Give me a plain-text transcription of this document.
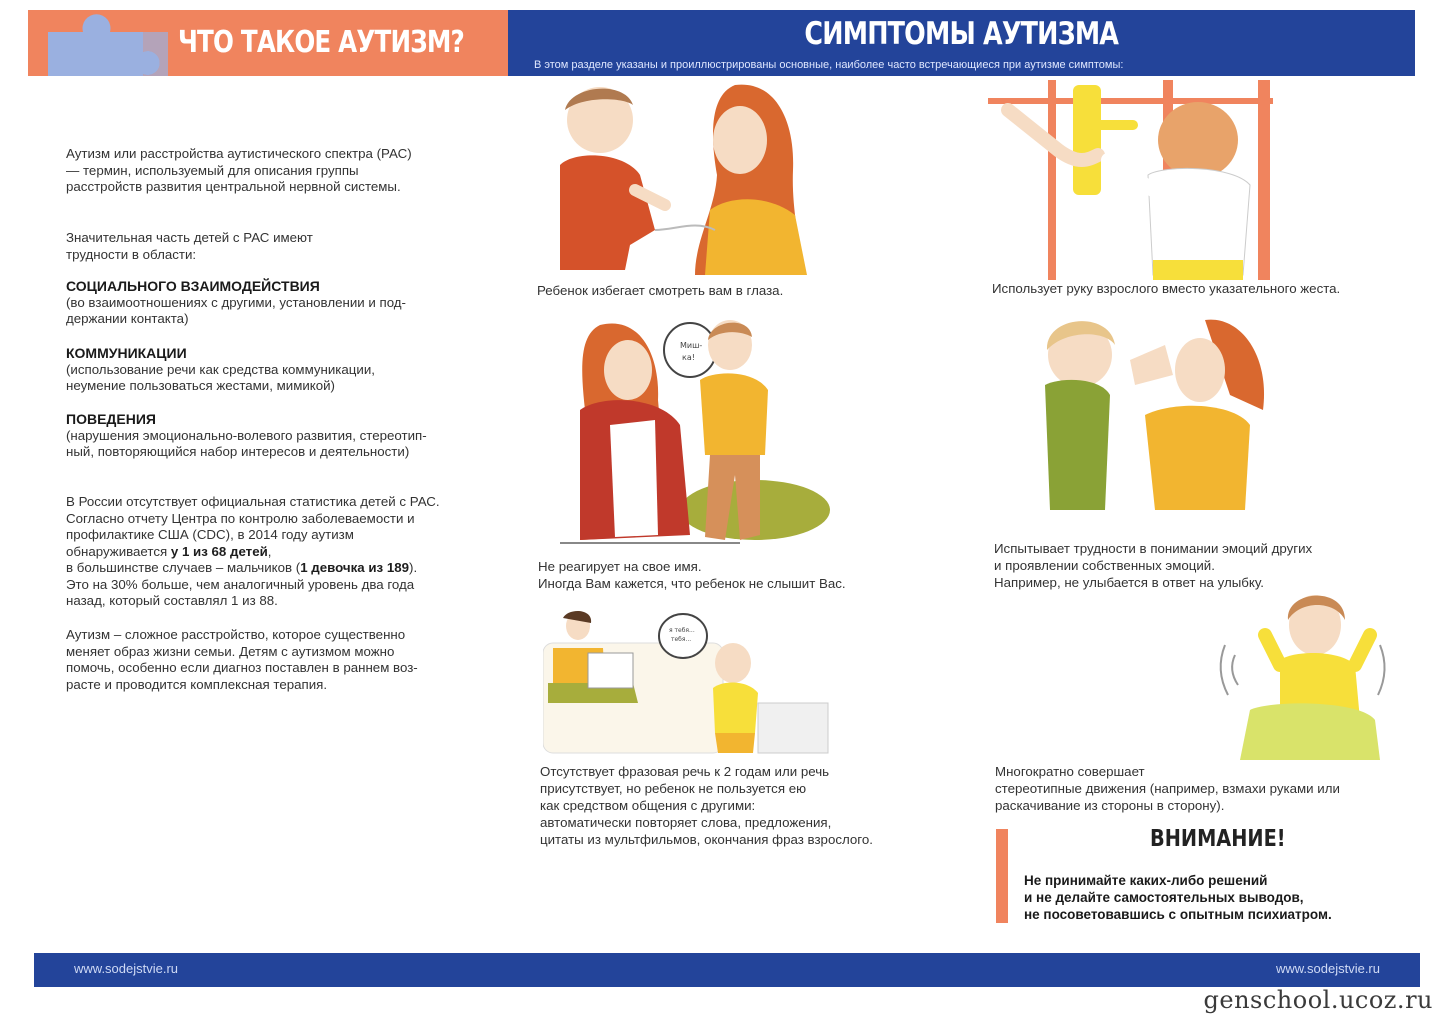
ЧТО ТАКОЕ АУТИЗМ?	СИМПТОМЫ АУТИЗМА
В этом разделе указаны и проиллюстрированы основные, наиболее часто встречающиеся при аутизме симптомы:
Аутизм или расстройства аутистического спектра (РАС)
— термин, используемый для описания группы
расстройств развития центральной нервной системы.
Значительная часть детей с РАС имеют
трудности в области:
СОЦИАЛЬНОГО ВЗАИМОДЕЙСТВИЯ
(во взаимоотношениях с другими, установлении и под-
держании контакта)
КОММУНИКАЦИИ
(использование речи как средства коммуникации,
неумение пользоваться жестами, мимикой)
ПОВЕДЕНИЯ
(нарушения эмоционально-волевого развития, стереотип-
ный, повторяющийся набор интересов и деятельности)
В России отсутствует официальная статистика детей с РАС.
Согласно отчету Центра по контролю заболеваемости и
профилактике США (CDC), в 2014 году аутизм
обнаруживается у 1 из 68 детей,
в большинстве случаев – мальчиков (1 девочка из 189).
Это на 30% больше, чем аналогичный уровень два года
назад, который составлял 1 из 88.
Аутизм – сложное расстройство, которое существенно
меняет образ жизни семьи. Детям с аутизмом можно
помочь, особенно если диагноз поставлен в раннем воз-
расте и проводится комплексная терапия.
Ребенок избегает смотреть вам в глаза.	Использует руку взрослого вместо указательного жеста.
Миш-
ка!
Не реагирует на свое имя.
Иногда Вам кажется, что ребенок не слышит Вас.
Испытывает трудности в понимании эмоций других
и проявлении собственных эмоций.
Например, не улыбается в ответ на улыбку.
я тебя...
тебя...
Отсутствует фразовая речь к 2 годам или речь
присутствует, но ребенок не пользуется ею
как средством общения с другими:
автоматически повторяет слова, предложения,
цитаты из мультфильмов, окончания фраз взрослого.
Многократно совершает
стереотипные движения (например, взмахи руками или
раскачивание из стороны в сторону).
ВНИМАНИЕ!
Не принимайте каких-либо решений
и не делайте самостоятельных выводов,
не посоветовавшись с опытным психиатром.
www.sodejstvie.ru	www.sodejstvie.ru
genschool.ucoz.ru
